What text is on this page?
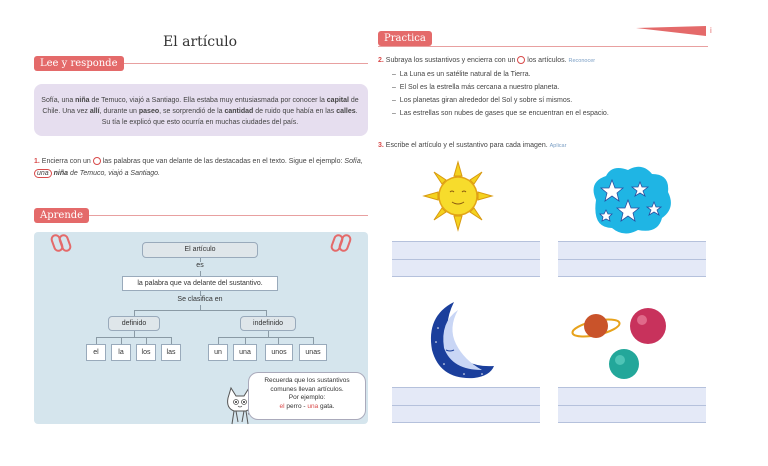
El artículo
Lee y responde
Sofía, una niña de Temuco, viajó a Santiago. Ella estaba muy entusiasmada por conocer la capital de Chile. Una vez allí, durante un paseo, se sorprendió de la cantidad de ruido que había en las calles. Su tía le explicó que esto ocurría en muchas ciudades del país.
1. Encierra con un las palabras que van delante de las destacadas en el texto. Sigue el ejemplo: Sofía, una niña de Temuco, viajó a Santiago.
Aprende
El artículo
es
la palabra que va delante del sustantivo.
Se clasifica en
definido	indefinido
el	la	los	las	un	una	unos	unas
Recuerda que los sustantivos
comunes llevan artículos.
Por ejemplo:
el perro - una gata.
Practica
i
2. Subraya los sustantivos y encierra con un los artículos. Reconocer
–  La Luna es un satélite natural de la Tierra.
–  El Sol es la estrella más cercana a nuestro planeta.
–  Los planetas giran alrededor del Sol y sobre sí mismos.
–  Las estrellas son nubes de gases que se encuentran en el espacio.
3. Escribe el artículo y el sustantivo para cada imagen. Aplicar
